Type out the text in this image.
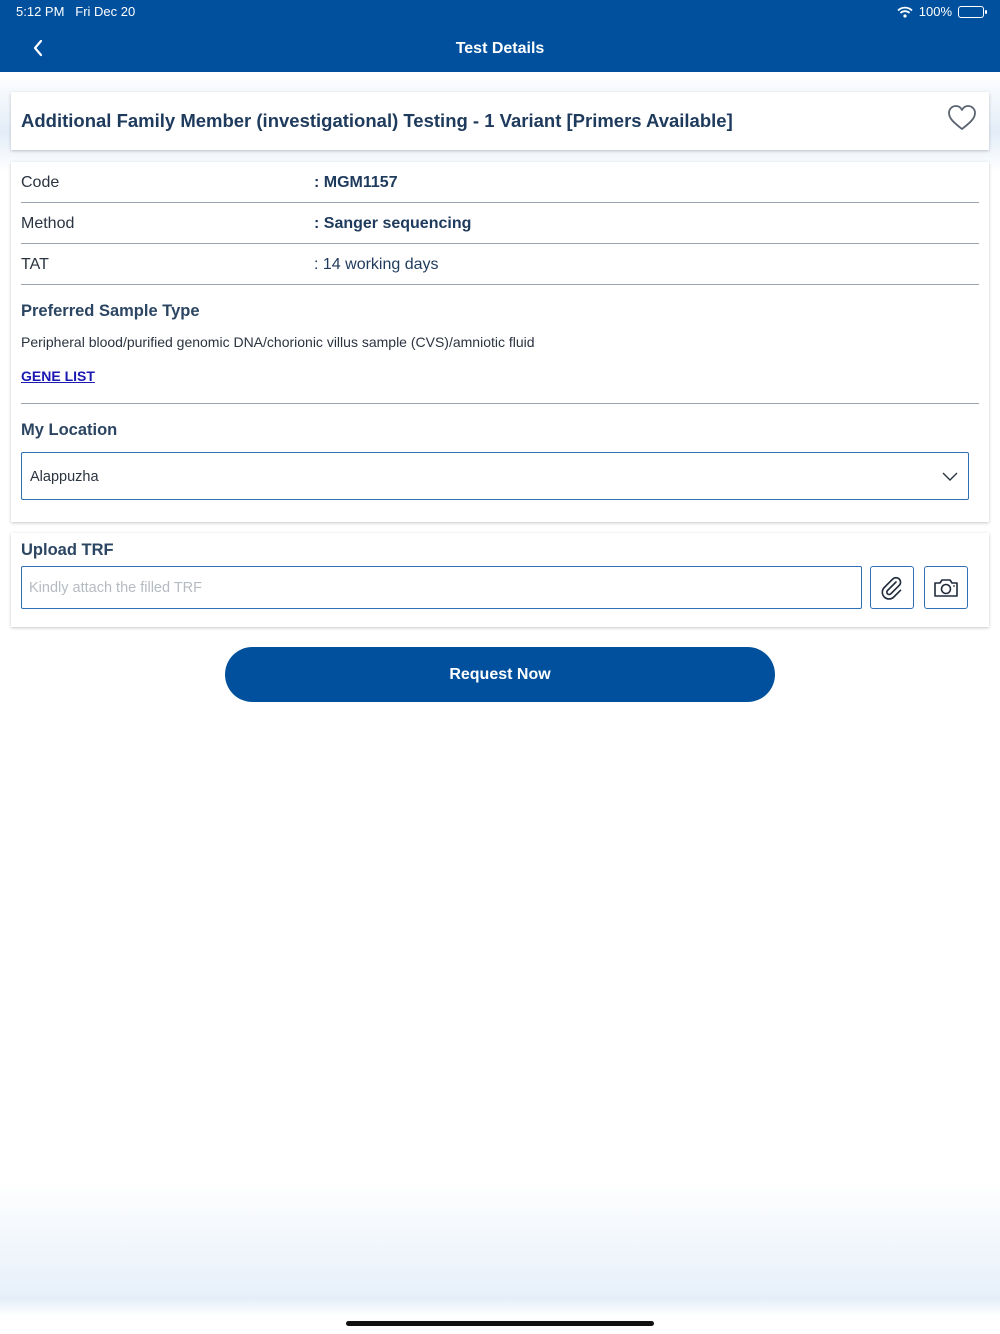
5:12 PM Fri Dec 20	100%
Test Details
Additional Family Member (investigational) Testing - 1 Variant [Primers Available]
Code	: MGM1157
Method	: Sanger sequencing
TAT	: 14 working days
Preferred Sample Type
Peripheral blood/purified genomic DNA/chorionic villus sample (CVS)/amniotic fluid
GENE LIST
My Location
Alappuzha
Upload TRF
Kindly attach the filled TRF
Request Now
